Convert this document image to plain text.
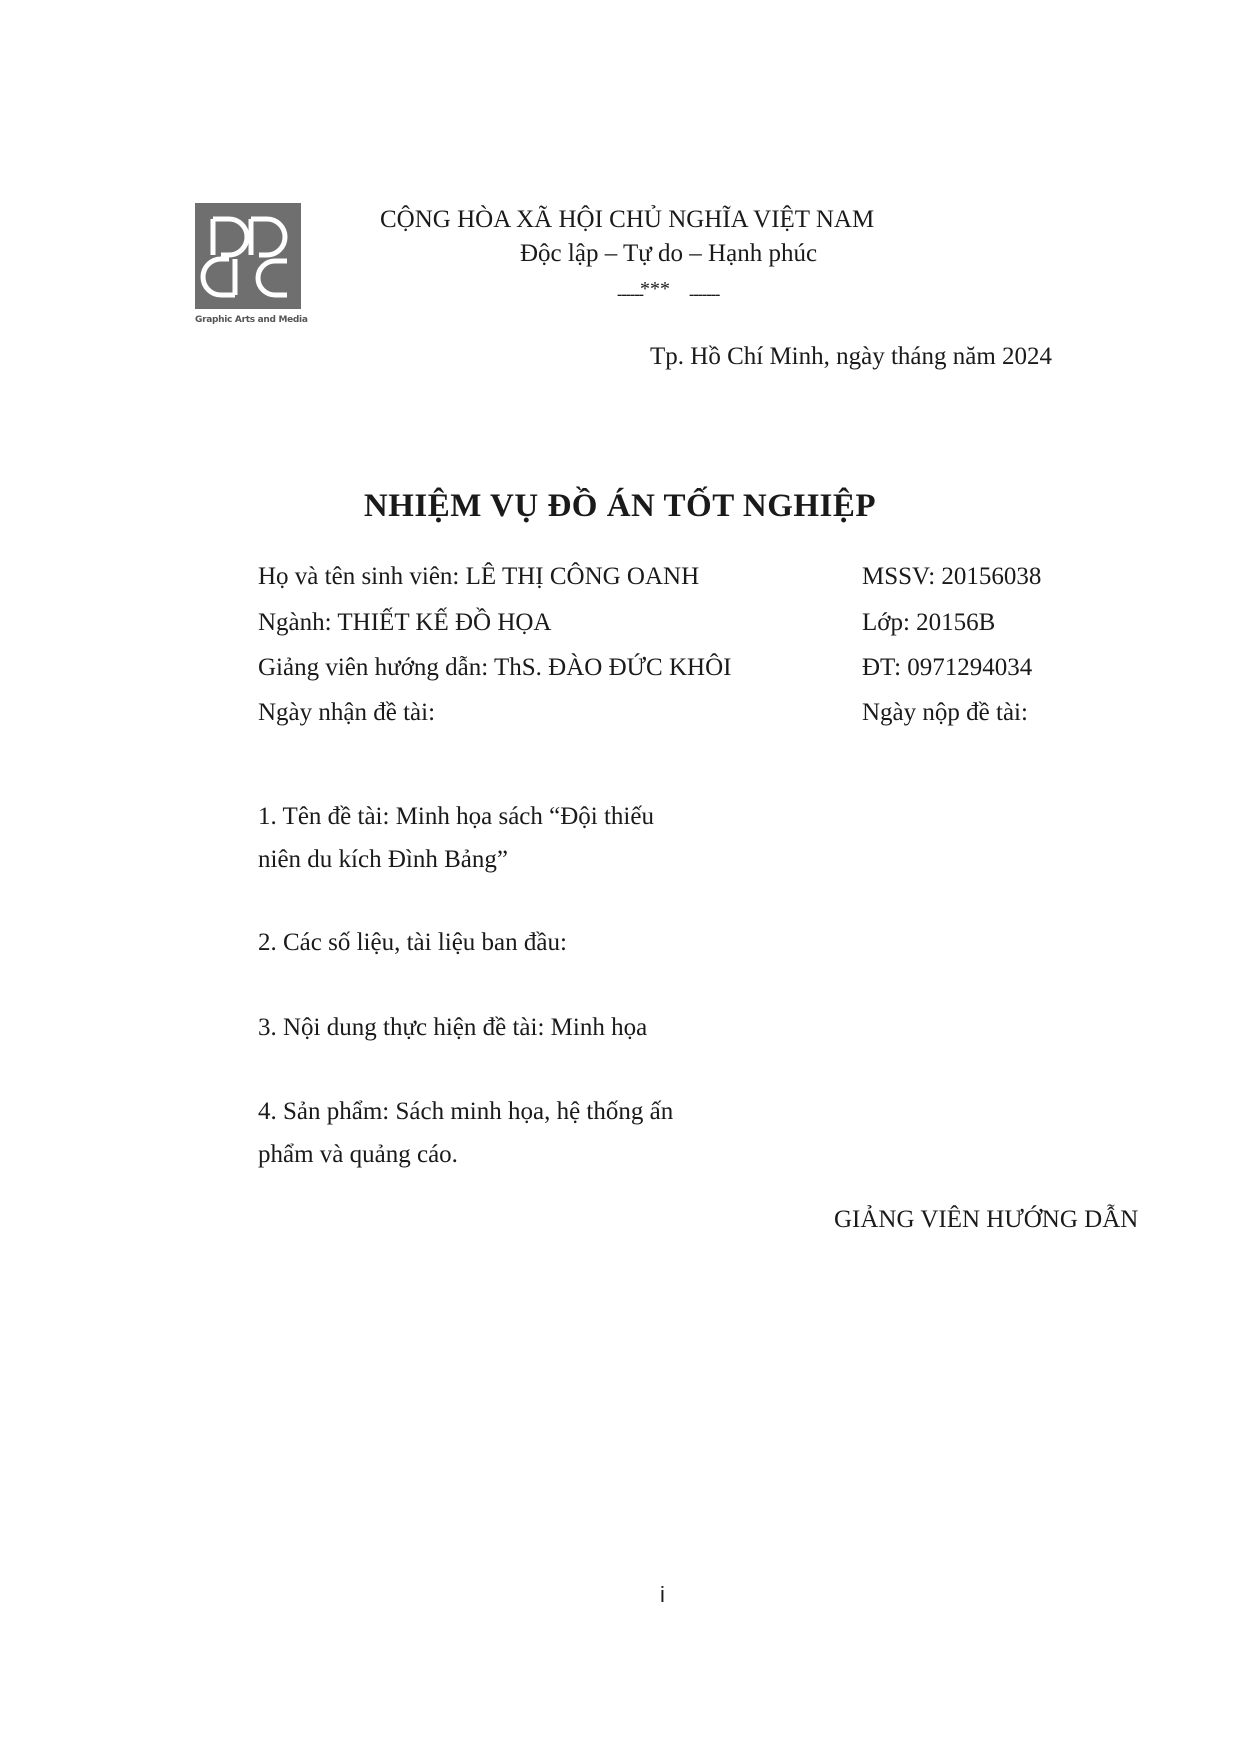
Graphic Arts and Media
CỘNG HÒA XÃ HỘI CHỦ NGHĨA VIỆT NAM
Độc lập – Tự do – Hạnh phúc
------
*** -------
Tp. Hồ Chí Minh, ngày tháng năm 2024
NHIỆM VỤ ĐỒ ÁN TỐT NGHIỆP
Họ và tên sinh viên: LÊ THỊ CÔNG OANH	MSSV: 20156038
Ngành: THIẾT KẾ ĐỒ HỌA	Lớp: 20156B
Giảng viên hướng dẫn: ThS. ĐÀO ĐỨC KHÔI	ĐT: 0971294034
Ngày nhận đề tài:	Ngày nộp đề tài:
1. Tên đề tài: Minh họa sách “Đội thiếu
niên du kích Đình Bảng”
2. Các số liệu, tài liệu ban đầu:
3. Nội dung thực hiện đề tài: Minh họa
4. Sản phẩm: Sách minh họa, hệ thống ấn
phẩm và quảng cáo.
GIẢNG VIÊN HƯỚNG DẪN
i
